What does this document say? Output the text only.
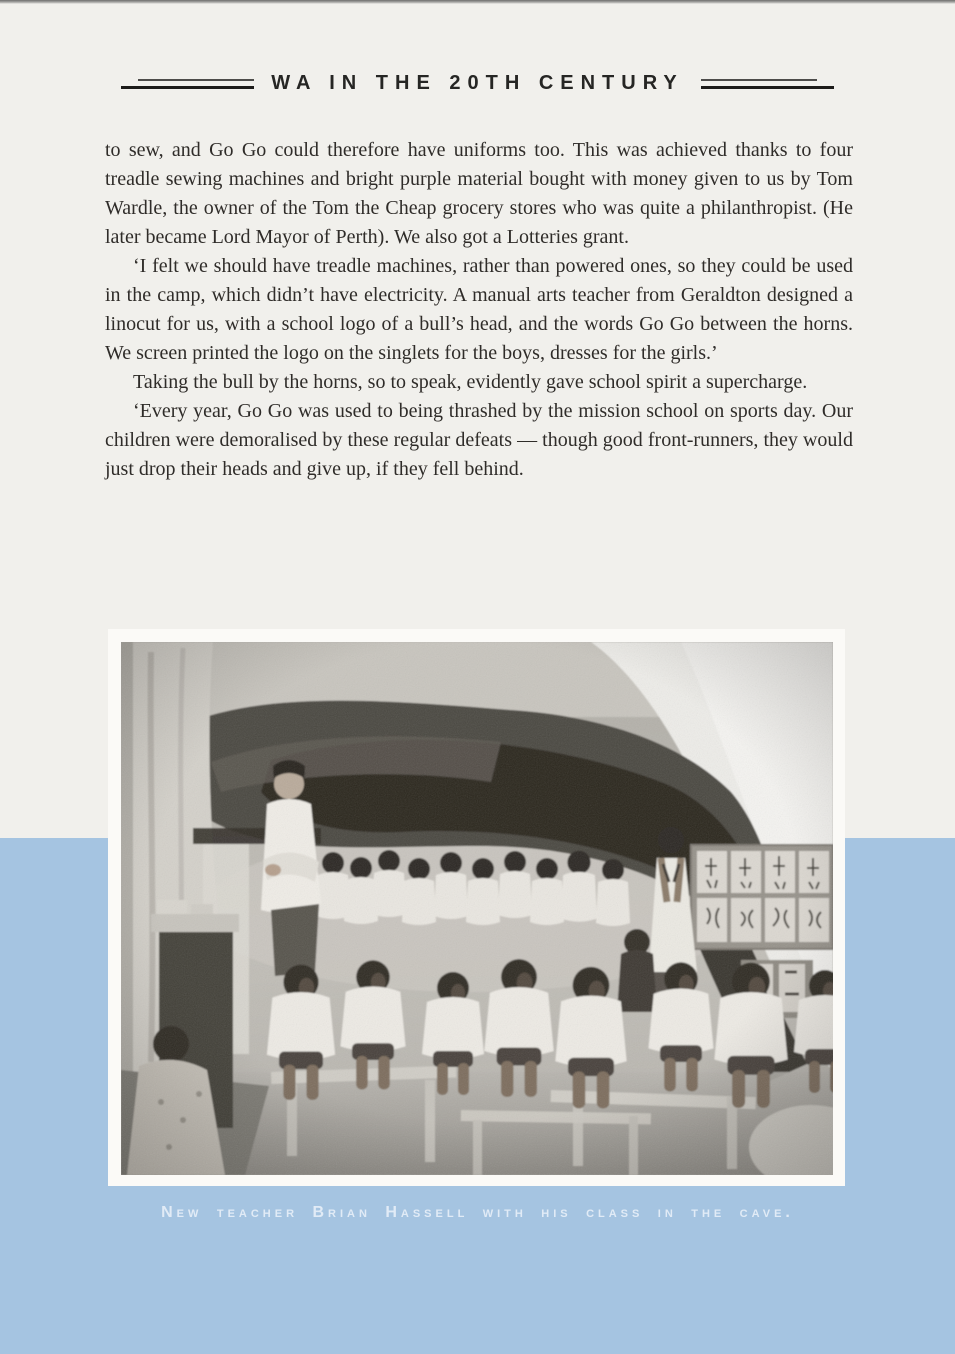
WA IN THE 20TH CENTURY

to sew, and Go Go could therefore have uniforms too. This was achieved thanks to four treadle sewing machines and bright purple material bought with money given to us by Tom Wardle, the owner of the Tom the Cheap grocery stores who was quite a philanthropist. (He later became Lord Mayor of Perth). We also got a Lotteries grant.

‘I felt we should have treadle machines, rather than powered ones, so they could be used in the camp, which didn’t have electricity. A manual arts teacher from Geraldton designed a linocut for us, with a school logo of a bull’s head, and the words Go Go between the horns. We screen printed the logo on the singlets for the boys, dresses for the girls.’

Taking the bull by the horns, so to speak, evidently gave school spirit a supercharge.

‘Every year, Go Go was used to being thrashed by the mission school on sports day. Our children were demoralised by these regular defeats — though good front-runners, they would just drop their heads and give up, if they fell behind.

New teacher Brian Hassell with his class in the cave.
